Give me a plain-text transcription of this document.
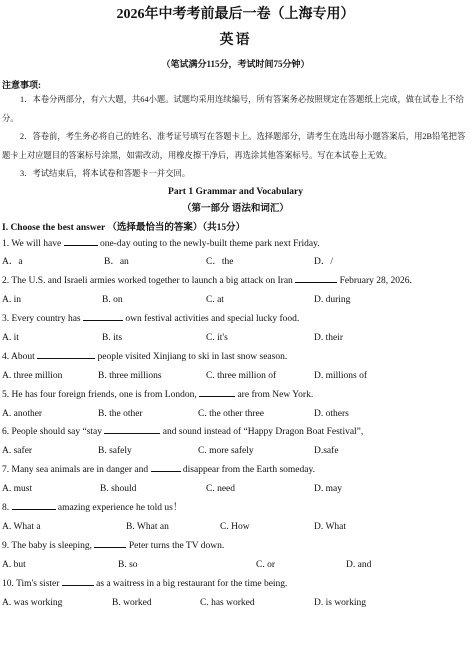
2026年中考考前最后一卷（上海专用）
英语
（笔试满分115分，考试时间75分钟）
注意事项:
1．本卷分两部分，有六大题，共64小题。试题均采用连续编号，所有答案务必按照规定在答题纸上完成，做在试卷上不给分。
2．答卷前，考生务必将自己的姓名、准考证号填写在答题卡上。选择题部分，请考生在选出每小题答案后，用2B铅笔把答题卡上对应题目的答案标号涂黑，如需改动，用橡皮擦干净后，再选涂其他答案标号。写在本试卷上无效。
3．考试结束后，将本试卷和答题卡一并交回。
Part 1 Grammar and Vocabulary
（第一部分 语法和词汇）
I. Choose the best answer （选择最恰当的答案）（共15分）
1. We will have	one-day outing to the newly-built theme park next Friday.
A．a	B．an	C．the	D．/
2. The U.S. and Israeli armies worked together to launch a big attack on Iran	February 28, 2026.
A. in	B. on	C. at	D. during
3. Every country has	own festival activities and special lucky food.
A. it	B. its	C. it's	D. their
4. About	people visited Xinjiang to ski in last snow season.
A. three million	B. three millions	C. three million of	D. millions of
5. He has four foreign friends, one is from London,	are from New York.
A. another	B. the other	C. the other three	D. others
6. People should say “stay	and sound instead of “Happy Dragon Boat Festival”,
A. safer	B. safely	C. more safely	D.safe
7. Many sea animals are in danger and	disappear from the Earth someday.
A. must	B. should	C. need	D. may
8.	amazing experience he told us！
A. What a	B. What an	C. How	D. What
9. The baby is sleeping,	Peter turns the TV down.
A. but	B. so	C. or	D. and
10. Tim's sister	as a waitress in a big restaurant for the time being.
A. was working	B. worked	C. has worked	D. is working
